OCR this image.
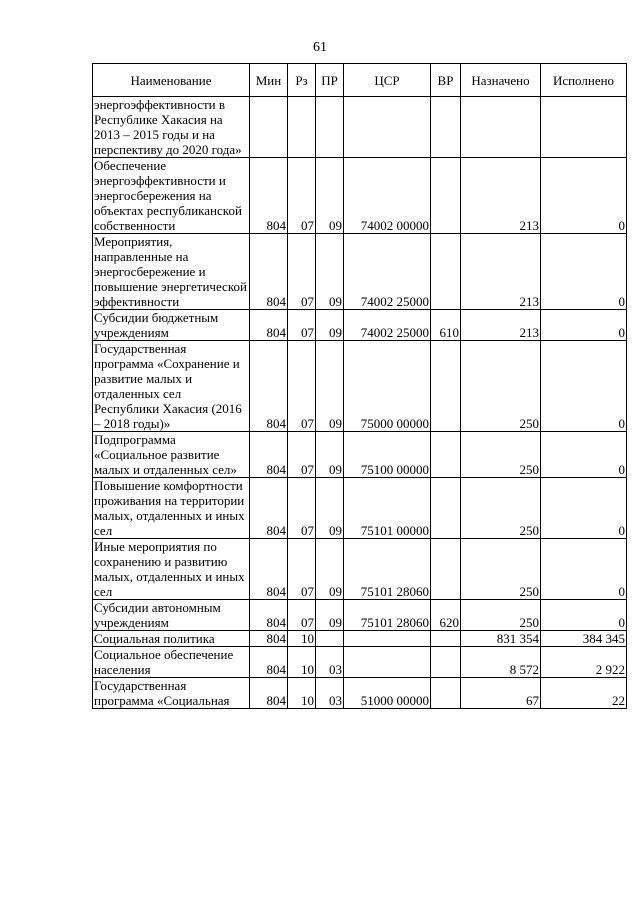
61
Наименование	Мин	Рз	ПР	ЦСР	ВР	Назначено	Исполнено
энергоэффективности в Республике Хакасия на 2013 – 2015 годы и на перспективу до 2020 года»							
Обеспечение энергоэффективности и энергосбережения на объектах республиканской собственности	804	07	09	74002 00000		213	0
Мероприятия, направленные на энергосбережение и повышение энергетической эффективности	804	07	09	74002 25000		213	0
Субсидии бюджетным учреждениям	804	07	09	74002 25000	610	213	0
Государственная программа «Сохранение и развитие малых и отдаленных сел Республики Хакасия (2016 – 2018 годы)»	804	07	09	75000 00000		250	0
Подпрограмма «Социальное развитие малых и отдаленных сел»	804	07	09	75100 00000		250	0
Повышение комфортности проживания на территории малых, отдаленных и иных сел	804	07	09	75101 00000		250	0
Иные мероприятия по сохранению и развитию малых, отдаленных и иных сел	804	07	09	75101 28060		250	0
Субсидии автономным учреждениям	804	07	09	75101 28060	620	250	0
Социальная политика	804	10				831 354	384 345
Социальное обеспечение населения	804	10	03			8 572	2 922
Государственная программа «Социальная	804	10	03	51000 00000		67	22
